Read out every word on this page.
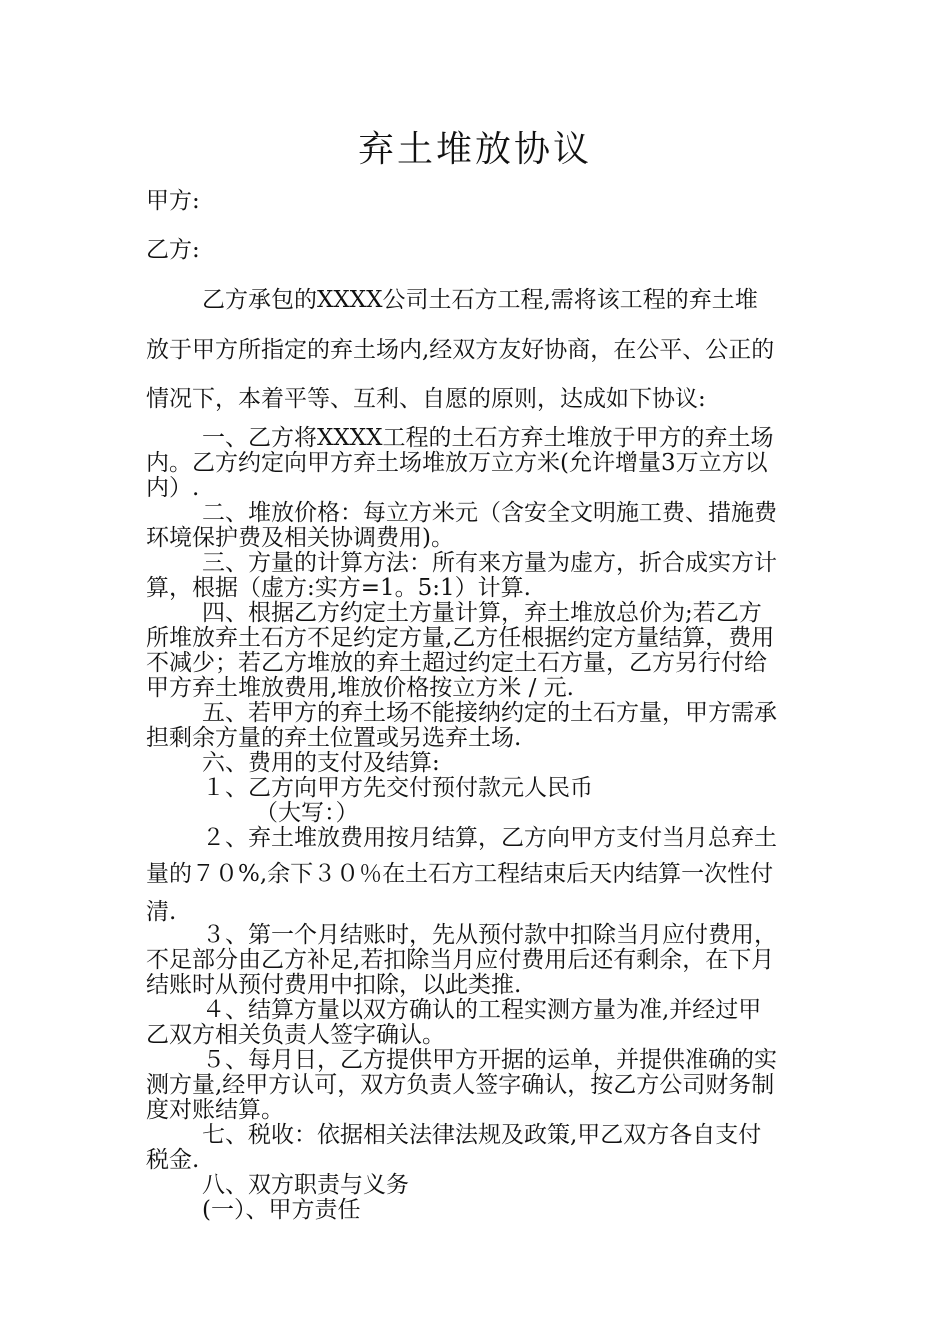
弃土堆放协议

甲方:

乙方:

乙方承包的XXXX公司土石方工程,需将该工程的弃土堆

放于甲方所指定的弃土场内,经双方友好协商，在公平、公正的

情况下，本着平等、互利、自愿的原则，达成如下协议:

一、乙方将XXXX工程的土石方弃土堆放于甲方的弃土场

内。乙方约定向甲方弃土场堆放万立方米(允许增量3万立方以

内）.

二、堆放价格：每立方米元（含安全文明施工费、措施费

环境保护费及相关协调费用)。

三、方量的计算方法：所有来方量为虚方，折合成实方计

算，根据（虚方:实方=1。5:1）计算.

四、根据乙方约定土方量计算，弃土堆放总价为;若乙方

所堆放弃土石方不足约定方量,乙方任根据约定方量结算，费用

不减少；若乙方堆放的弃土超过约定土石方量，乙方另行付给

甲方弃土堆放费用,堆放价格按立方米 / 元.

五、若甲方的弃土场不能接纳约定的土石方量，甲方需承

担剩余方量的弃土位置或另选弃土场.

六、费用的支付及结算:

１、乙方向甲方先交付预付款元人民币

（大写：）

２、弃土堆放费用按月结算，乙方向甲方支付当月总弃土

量的７０%,余下３０％在土石方工程结束后天内结算一次性付

清.

３、第一个月结账时，先从预付款中扣除当月应付费用，

不足部分由乙方补足,若扣除当月应付费用后还有剩余，在下月

结账时从预付费用中扣除，以此类推.

４、结算方量以双方确认的工程实测方量为准,并经过甲

乙双方相关负责人签字确认。

５、每月日，乙方提供甲方开据的运单，并提供准确的实

测方量,经甲方认可，双方负责人签字确认，按乙方公司财务制

度对账结算。

七、税收：依据相关法律法规及政策,甲乙双方各自支付

税金.

八、双方职责与义务

(一）、甲方责任
